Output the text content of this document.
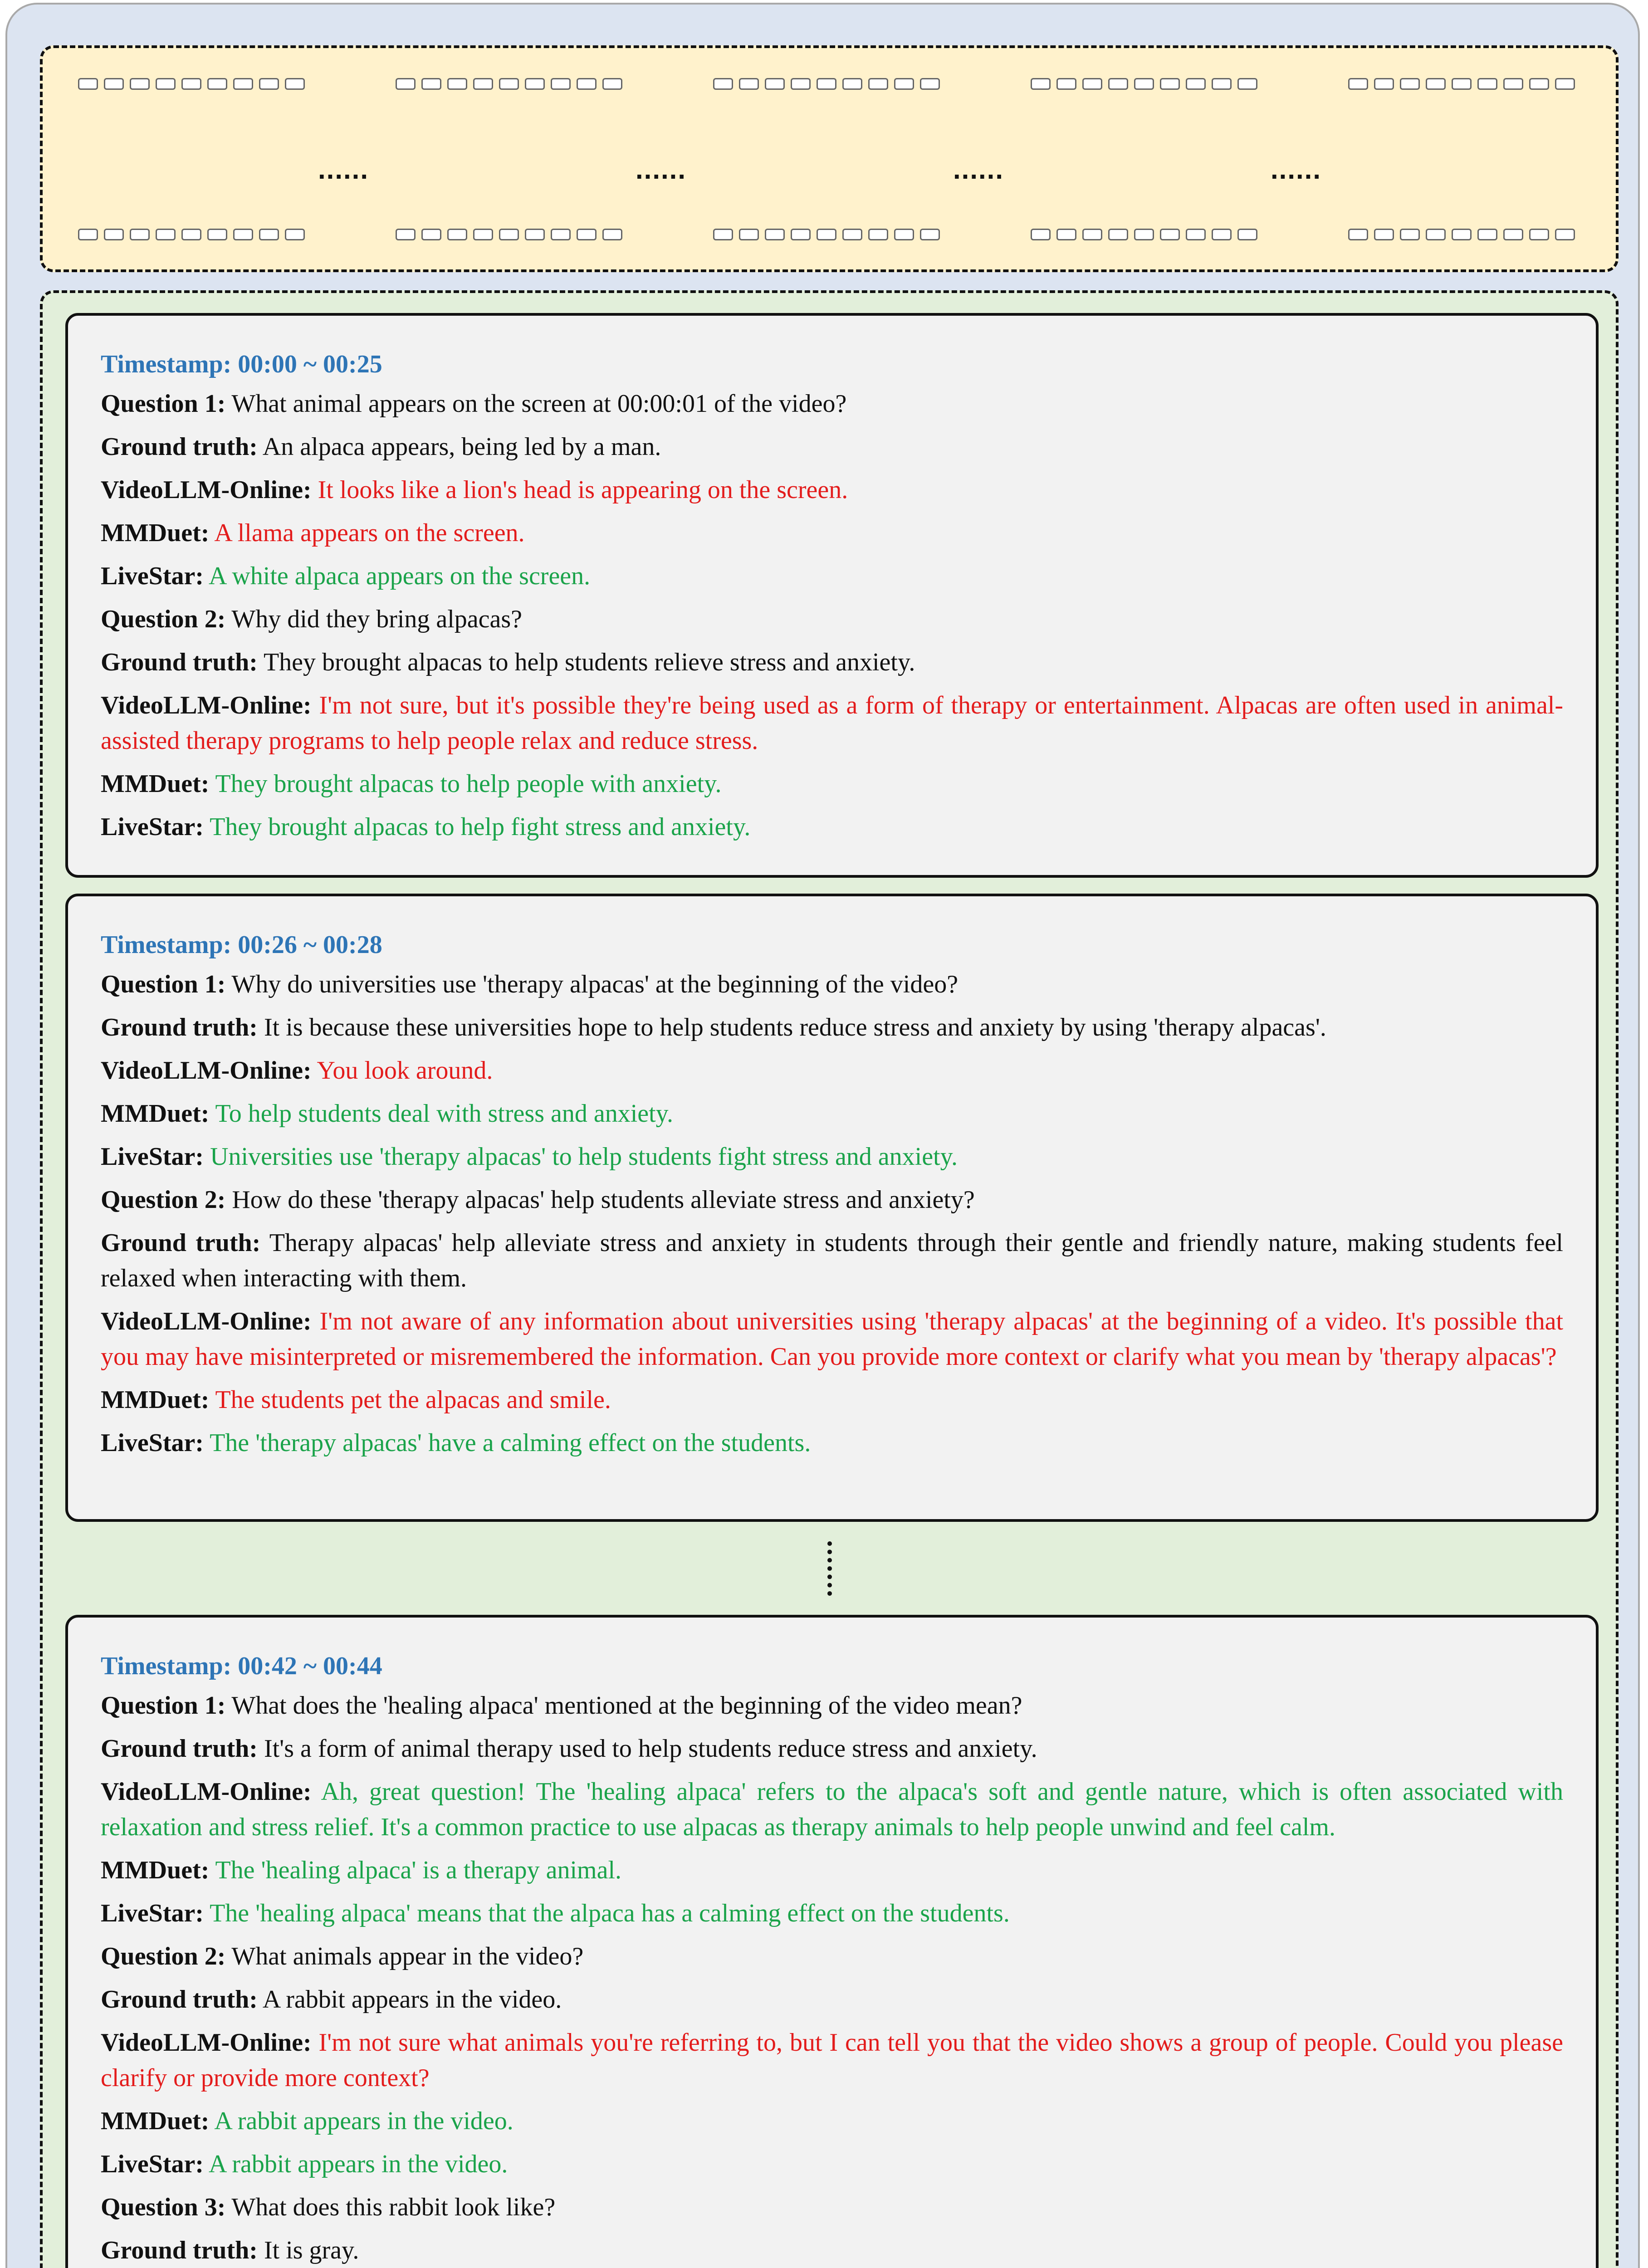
......	......	......	......
Timestamp: 00:00 ~ 00:25
Question 1: What animal appears on the screen at 00:00:01 of the video?
Ground truth: An alpaca appears, being led by a man.
VideoLLM-Online: It looks like a lion's head is appearing on the screen.
MMDuet: A llama appears on the screen.
LiveStar: A white alpaca appears on the screen.
Question 2: Why did they bring alpacas?
Ground truth: They brought alpacas to help students relieve stress and anxiety.
VideoLLM-Online: I'm not sure, but it's possible they're being used as a form of therapy or entertainment. Alpacas are often used in animal-assisted therapy programs to help people relax and reduce stress.
MMDuet: They brought alpacas to help people with anxiety.
LiveStar: They brought alpacas to help fight stress and anxiety.
Timestamp: 00:26 ~ 00:28
Question 1: Why do universities use 'therapy alpacas' at the beginning of the video?
Ground truth: It is because these universities hope to help students reduce stress and anxiety by using 'therapy alpacas'.
VideoLLM-Online: You look around.
MMDuet: To help students deal with stress and anxiety.
LiveStar: Universities use 'therapy alpacas' to help students fight stress and anxiety.
Question 2: How do these 'therapy alpacas' help students alleviate stress and anxiety?
Ground truth: Therapy alpacas' help alleviate stress and anxiety in students through their gentle and friendly nature, making students feel relaxed when interacting with them.
VideoLLM-Online: I'm not aware of any information about universities using 'therapy alpacas' at the beginning of a video. It's possible that you may have misinterpreted or misremembered the information. Can you provide more context or clarify what you mean by 'therapy alpacas'?
MMDuet: The students pet the alpacas and smile.
LiveStar: The 'therapy alpacas' have a calming effect on the students.
Timestamp: 00:42 ~ 00:44
Question 1: What does the 'healing alpaca' mentioned at the beginning of the video mean?
Ground truth: It's a form of animal therapy used to help students reduce stress and anxiety.
VideoLLM-Online: Ah, great question! The 'healing alpaca' refers to the alpaca's soft and gentle nature, which is often associated with relaxation and stress relief. It's a common practice to use alpacas as therapy animals to help people unwind and feel calm.
MMDuet: The 'healing alpaca' is a therapy animal.
LiveStar: The 'healing alpaca' means that the alpaca has a calming effect on the students.
Question 2: What animals appear in the video?
Ground truth: A rabbit appears in the video.
VideoLLM-Online: I'm not sure what animals you're referring to, but I can tell you that the video shows a group of people. Could you please clarify or provide more context?
MMDuet: A rabbit appears in the video.
LiveStar: A rabbit appears in the video.
Question 3: What does this rabbit look like?
Ground truth: It is gray.
